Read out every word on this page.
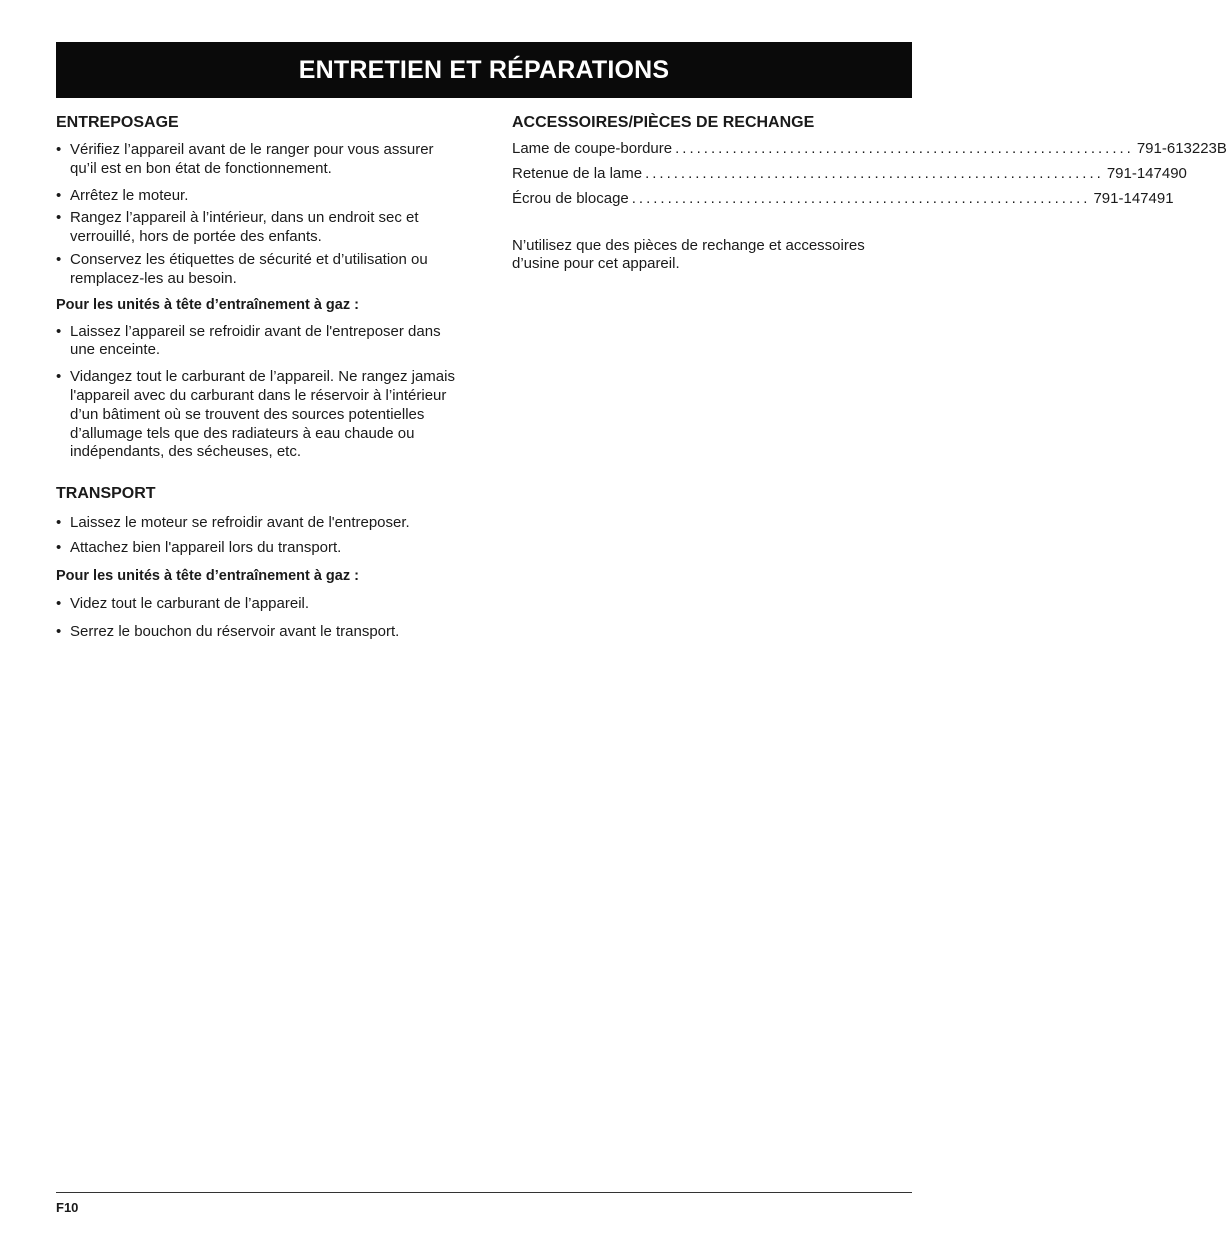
ENTRETIEN ET RÉPARATIONS
ENTREPOSAGE
• Vérifiez l’appareil avant de le ranger pour vous assurer qu’il est en bon état de fonctionnement.
• Arrêtez le moteur.
• Rangez l’appareil à l’intérieur, dans un endroit sec et verrouillé, hors de portée des enfants.
• Conservez les étiquettes de sécurité et d’utilisation ou remplacez-les au besoin.

Pour les unités à tête d’entraînement à gaz :

• Laissez l’appareil se refroidir avant de l'entreposer dans une enceinte.
• Vidangez tout le carburant de l’appareil. Ne rangez jamais l'appareil avec du carburant dans le réservoir à l’intérieur d’un bâtiment où se trouvent des sources potentielles d’allumage tels que des radiateurs à eau chaude ou indépendants, des sécheuses, etc.
TRANSPORT
• Laissez le moteur se refroidir avant de l'entreposer.
• Attachez bien l'appareil lors du transport.

Pour les unités à tête d’entraînement à gaz :

• Videz tout le carburant de l’appareil.
• Serrez le bouchon du réservoir avant le transport.
ACCESSOIRES/PIÈCES DE RECHANGE
Lame de coupe-bordure ................................................................ 791-613223B
Retenue de la lame ................................................................ 791-147490
Écrou de blocage ................................................................ 791-147491

N’utilisez que des pièces de rechange et accessoires d’usine pour cet appareil.

F10
